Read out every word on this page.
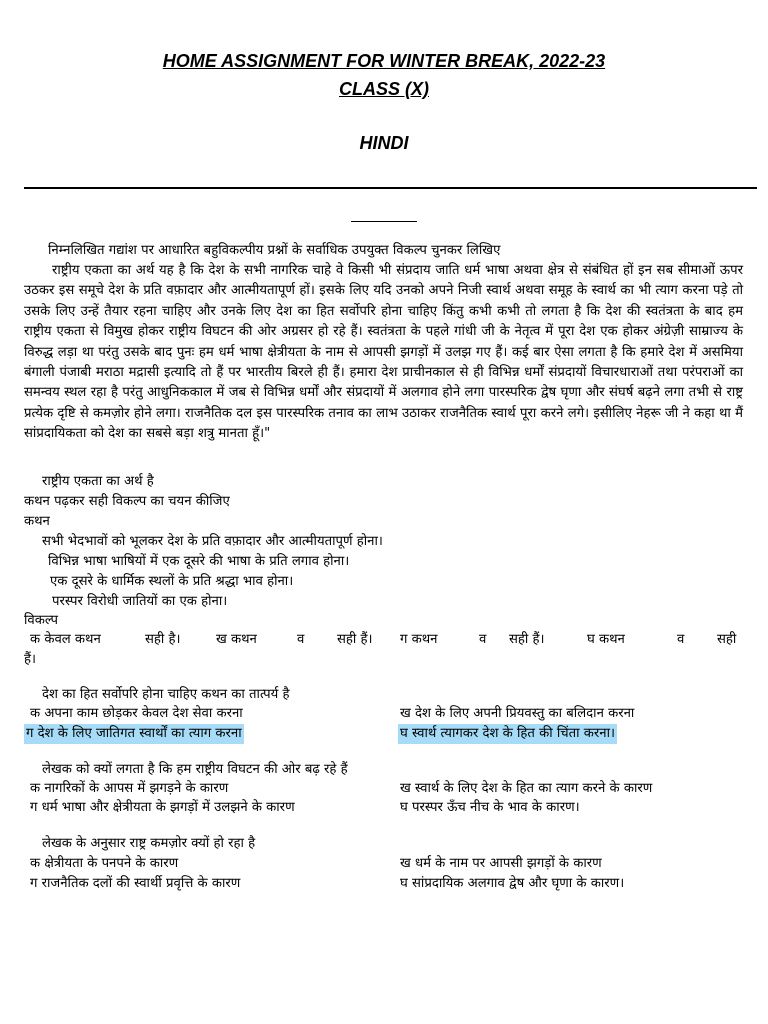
HOME ASSIGNMENT FOR WINTER BREAK, 2022-23
CLASS (X)
HINDI
निम्नलिखित गद्यांश पर आधारित बहुविकल्पीय प्रश्नों के सर्वाधिक उपयुक्त विकल्प चुनकर लिखिए
राष्ट्रीय एकता का अर्थ यह है कि देश के सभी नागरिक चाहे वे किसी भी संप्रदाय जाति धर्म भाषा अथवा क्षेत्र से संबंधित हों इन सब सीमाओं ऊपर उठकर इस समूचे देश के प्रति वफ़ादार और आत्मीयतापूर्ण हों। इसके लिए यदि उनको अपने निजी स्वार्थ अथवा समूह के स्वार्थ का भी त्याग करना पड़े तो उसके लिए उन्हें तैयार रहना चाहिए और उनके लिए देश का हित सर्वोपरि होना चाहिए किंतु कभी कभी तो लगता है कि देश की स्वतंत्रता के बाद हम राष्ट्रीय एकता से विमुख होकर राष्ट्रीय विघटन की ओर अग्रसर हो रहे हैं। स्वतंत्रता के पहले गांधी जी के नेतृत्व में पूरा देश एक होकर अंग्रेज़ी साम्राज्य के विरुद्ध लड़ा था परंतु उसके बाद पुनः हम धर्म भाषा क्षेत्रीयता के नाम से आपसी झगड़ों में उलझ गए हैं। कई बार ऐसा लगता है कि हमारे देश में असमिया बंगाली पंजाबी मराठा मद्रासी इत्यादि तो हैं पर भारतीय बिरले ही हैं। हमारा देश प्राचीनकाल से ही विभिन्न धर्मों संप्रदायों विचारधाराओं तथा परंपराओं का समन्वय स्थल रहा है परंतु आधुनिककाल में जब से विभिन्न धर्मों और संप्रदायों में अलगाव होने लगा पारस्परिक द्वेष घृणा और संघर्ष बढ़ने लगा तभी से राष्ट्र प्रत्येक दृष्टि से कमज़ोर होने लगा। राजनैतिक दल इस पारस्परिक तनाव का लाभ उठाकर राजनैतिक स्वार्थ पूरा करने लगे। इसीलिए नेहरू जी ने कहा था मैं सांप्रदायिकता को देश का सबसे बड़ा शत्रु मानता हूँ।"
राष्ट्रीय एकता का अर्थ है
कथन पढ़कर सही विकल्प का चयन कीजिए
कथन
सभी भेदभावों को भूलकर देश के प्रति वफ़ादार और आत्मीयतापूर्ण होना।
विभिन्न भाषा भाषियों में एक दूसरे की भाषा के प्रति लगाव होना।
एक दूसरे के धार्मिक स्थलों के प्रति श्रद्धा भाव होना।
परस्पर विरोधी जातियों का एक होना।
विकल्प
क केवल कथन	सही है।	ख कथन	व सही हैं। ग कथन	व सही हैं।	घ कथन	व सही
हैं।
देश का हित सर्वोपरि होना चाहिए कथन का तात्पर्य है
क अपना काम छोड़कर केवल देश सेवा करना	ख देश के लिए अपनी प्रियवस्तु का बलिदान करना
ग देश के लिए जातिगत स्वार्थों का त्याग करना	घ स्वार्थ त्यागकर देश के हित की चिंता करना।
लेखक को क्यों लगता है कि हम राष्ट्रीय विघटन की ओर बढ़ रहे हैं
क नागरिकों के आपस में झगड़ने के कारण	ख स्वार्थ के लिए देश के हित का त्याग करने के कारण
ग धर्म भाषा और क्षेत्रीयता के झगड़ों में उलझने के कारण	घ परस्पर ऊँच नीच के भाव के कारण।
लेखक के अनुसार राष्ट्र कमज़ोर क्यों हो रहा है
क क्षेत्रीयता के पनपने के कारण	ख धर्म के नाम पर आपसी झगड़ों के कारण
ग राजनैतिक दलों की स्वार्थी प्रवृत्ति के कारण	घ सांप्रदायिक अलगाव द्वेष और घृणा के कारण।
